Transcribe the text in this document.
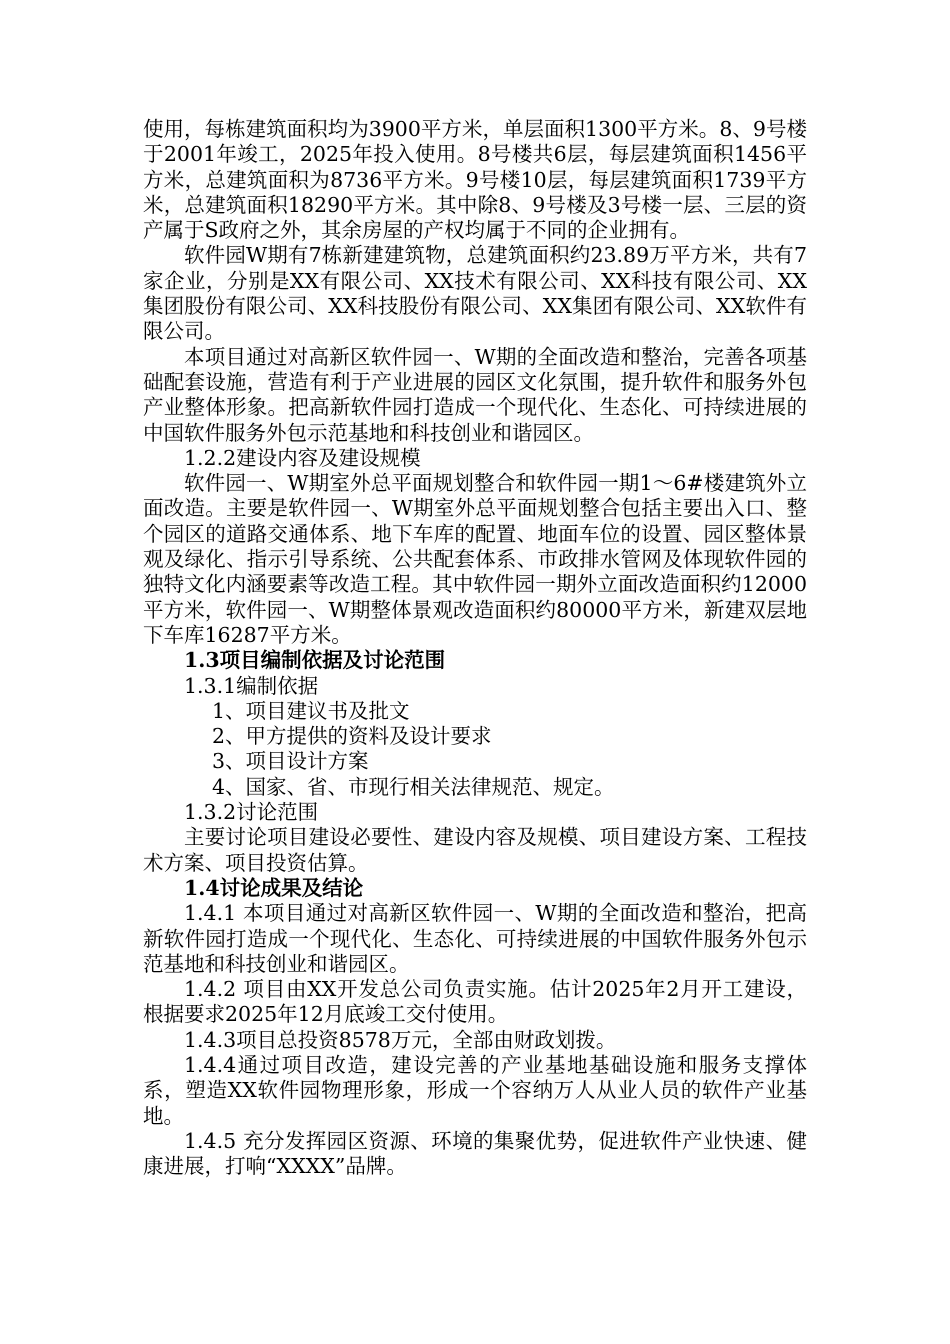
使用，每栋建筑面积均为3900平方米，单层面积1300平方米。8、9号楼于2001年竣工，2025年投入使用。8号楼共6层，每层建筑面积1456平方米，总建筑面积为8736平方米。9号楼10层，每层建筑面积1739平方米，总建筑面积18290平方米。其中除8、9号楼及3号楼一层、三层的资产属于S政府之外，其余房屋的产权均属于不同的企业拥有。

软件园W期有7栋新建建筑物，总建筑面积约23.89万平方米，共有7家企业，分别是XX有限公司、XX技术有限公司、XX科技有限公司、XX集团股份有限公司、XX科技股份有限公司、XX集团有限公司、XX软件有限公司。

本项目通过对高新区软件园一、W期的全面改造和整治，完善各项基础配套设施，营造有利于产业进展的园区文化氛围，提升软件和服务外包产业整体形象。把高新软件园打造成一个现代化、生态化、可持续进展的中国软件服务外包示范基地和科技创业和谐园区。

1.2.2建设内容及建设规模

软件园一、W期室外总平面规划整合和软件园一期1～6#楼建筑外立面改造。主要是软件园一、W期室外总平面规划整合包括主要出入口、整个园区的道路交通体系、地下车库的配置、地面车位的设置、园区整体景观及绿化、指示引导系统、公共配套体系、市政排水管网及体现软件园的独特文化内涵要素等改造工程。其中软件园一期外立面改造面积约12000平方米，软件园一、W期整体景观改造面积约80000平方米，新建双层地下车库16287平方米。

1.3项目编制依据及讨论范围

1.3.1编制依据

1、项目建议书及批文

2、甲方提供的资料及设计要求

3、项目设计方案

4、国家、省、市现行相关法律规范、规定。

1.3.2讨论范围

主要讨论项目建设必要性、建设内容及规模、项目建设方案、工程技术方案、项目投资估算。

1.4讨论成果及结论

1.4.1 本项目通过对高新区软件园一、W期的全面改造和整治，把高新软件园打造成一个现代化、生态化、可持续进展的中国软件服务外包示范基地和科技创业和谐园区。

1.4.2 项目由XX开发总公司负责实施。估计2025年2月开工建设，根据要求2025年12月底竣工交付使用。

1.4.3项目总投资8578万元，全部由财政划拨。

1.4.4通过项目改造，建设完善的产业基地基础设施和服务支撑体系，塑造XX软件园物理形象，形成一个容纳万人从业人员的软件产业基地。

1.4.5 充分发挥园区资源、环境的集聚优势，促进软件产业快速、健康进展，打响“XXXX”品牌。
